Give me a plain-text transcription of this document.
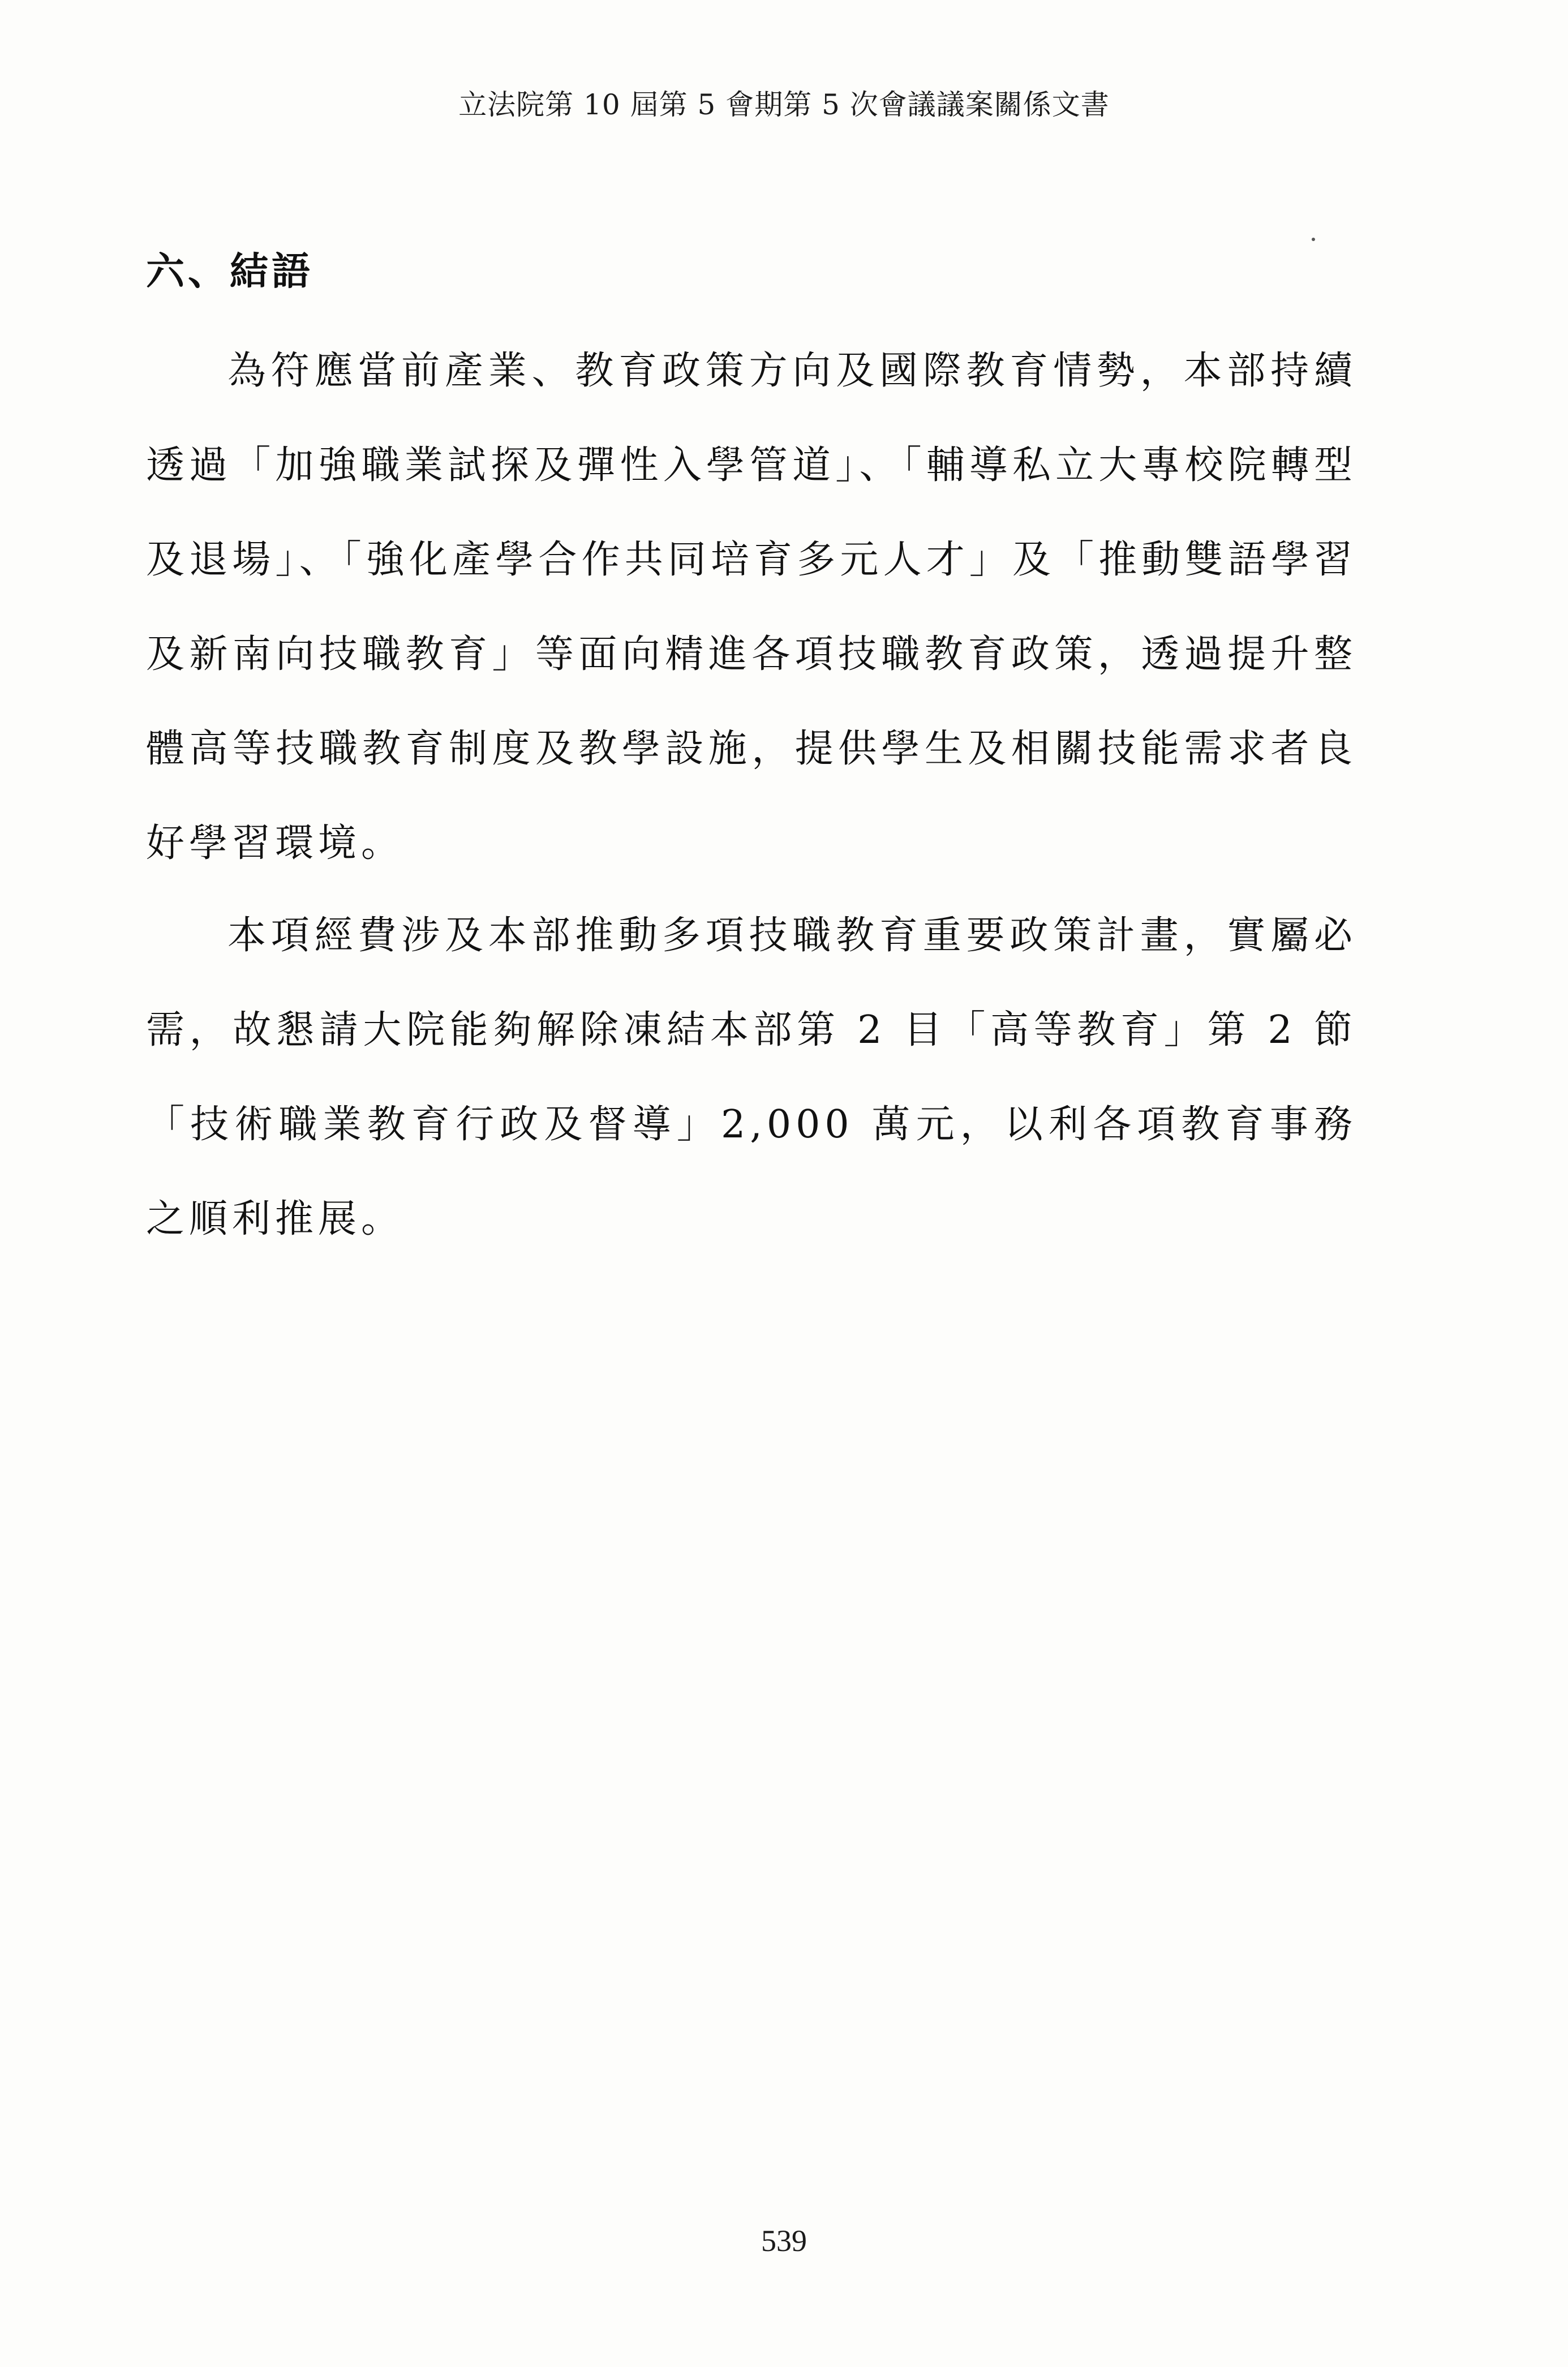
立法院第 10 屆第 5 會期第 5 次會議議案關係文書
六、結語

為符應當前產業、教育政策方向及國際教育情勢，本部持續透過「加強職業試探及彈性入學管道」、「輔導私立大專校院轉型及退場」、「強化產學合作共同培育多元人才」及「推動雙語學習及新南向技職教育」等面向精進各項技職教育政策，透過提升整體高等技職教育制度及教學設施，提供學生及相關技能需求者良好學習環境。

本項經費涉及本部推動多項技職教育重要政策計畫，實屬必需，故懇請大院能夠解除凍結本部第 2 目「高等教育」第 2 節「技術職業教育行政及督導」2,000 萬元，以利各項教育事務之順利推展。

539
